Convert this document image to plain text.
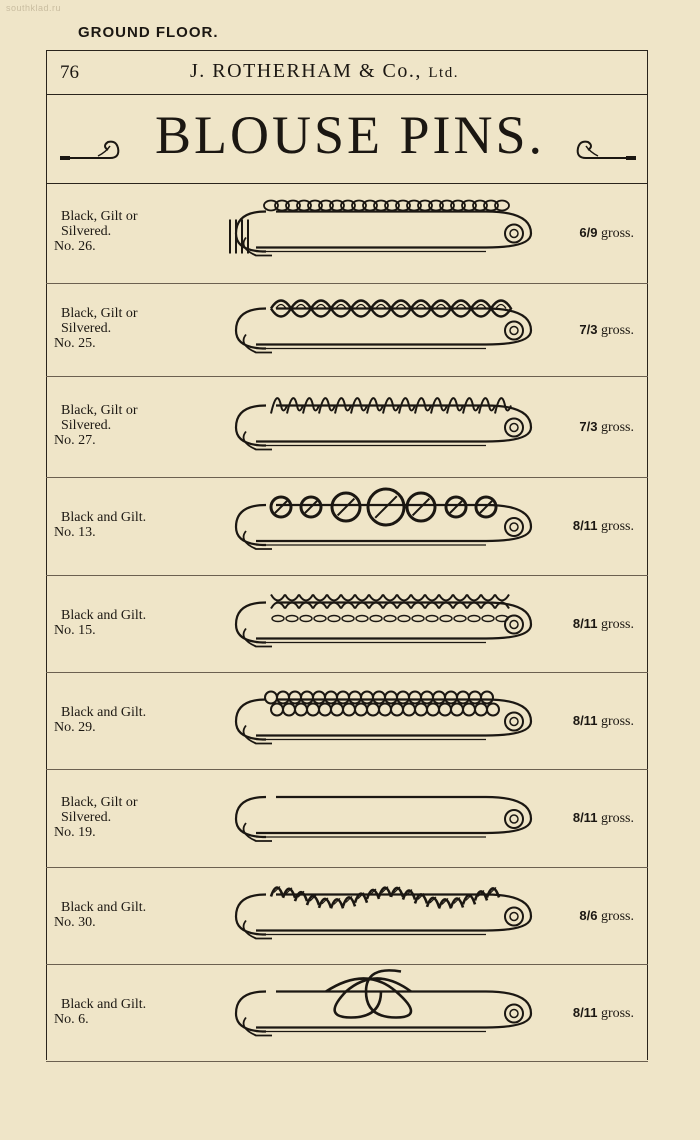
southklad.ru
GROUND FLOOR.
76	J. ROTHERHAM & Co., Ltd.
BLOUSE PINS.
Black, Gilt or
Silvered.
No. 26.
6/9 gross.
Black, Gilt or
Silvered.
No. 25.
7/3 gross.
Black, Gilt or
Silvered.
No. 27.
7/3 gross.
Black and Gilt.
No. 13.	8/11 gross.
Black and Gilt.
No. 15.	8/11 gross.
Black and Gilt.
No. 29.	8/11 gross.
Black, Gilt or
Silvered.
No. 19.
8/11 gross.
Black and Gilt.
No. 30.	8/6 gross.
Black and Gilt.
No. 6.	8/11 gross.
